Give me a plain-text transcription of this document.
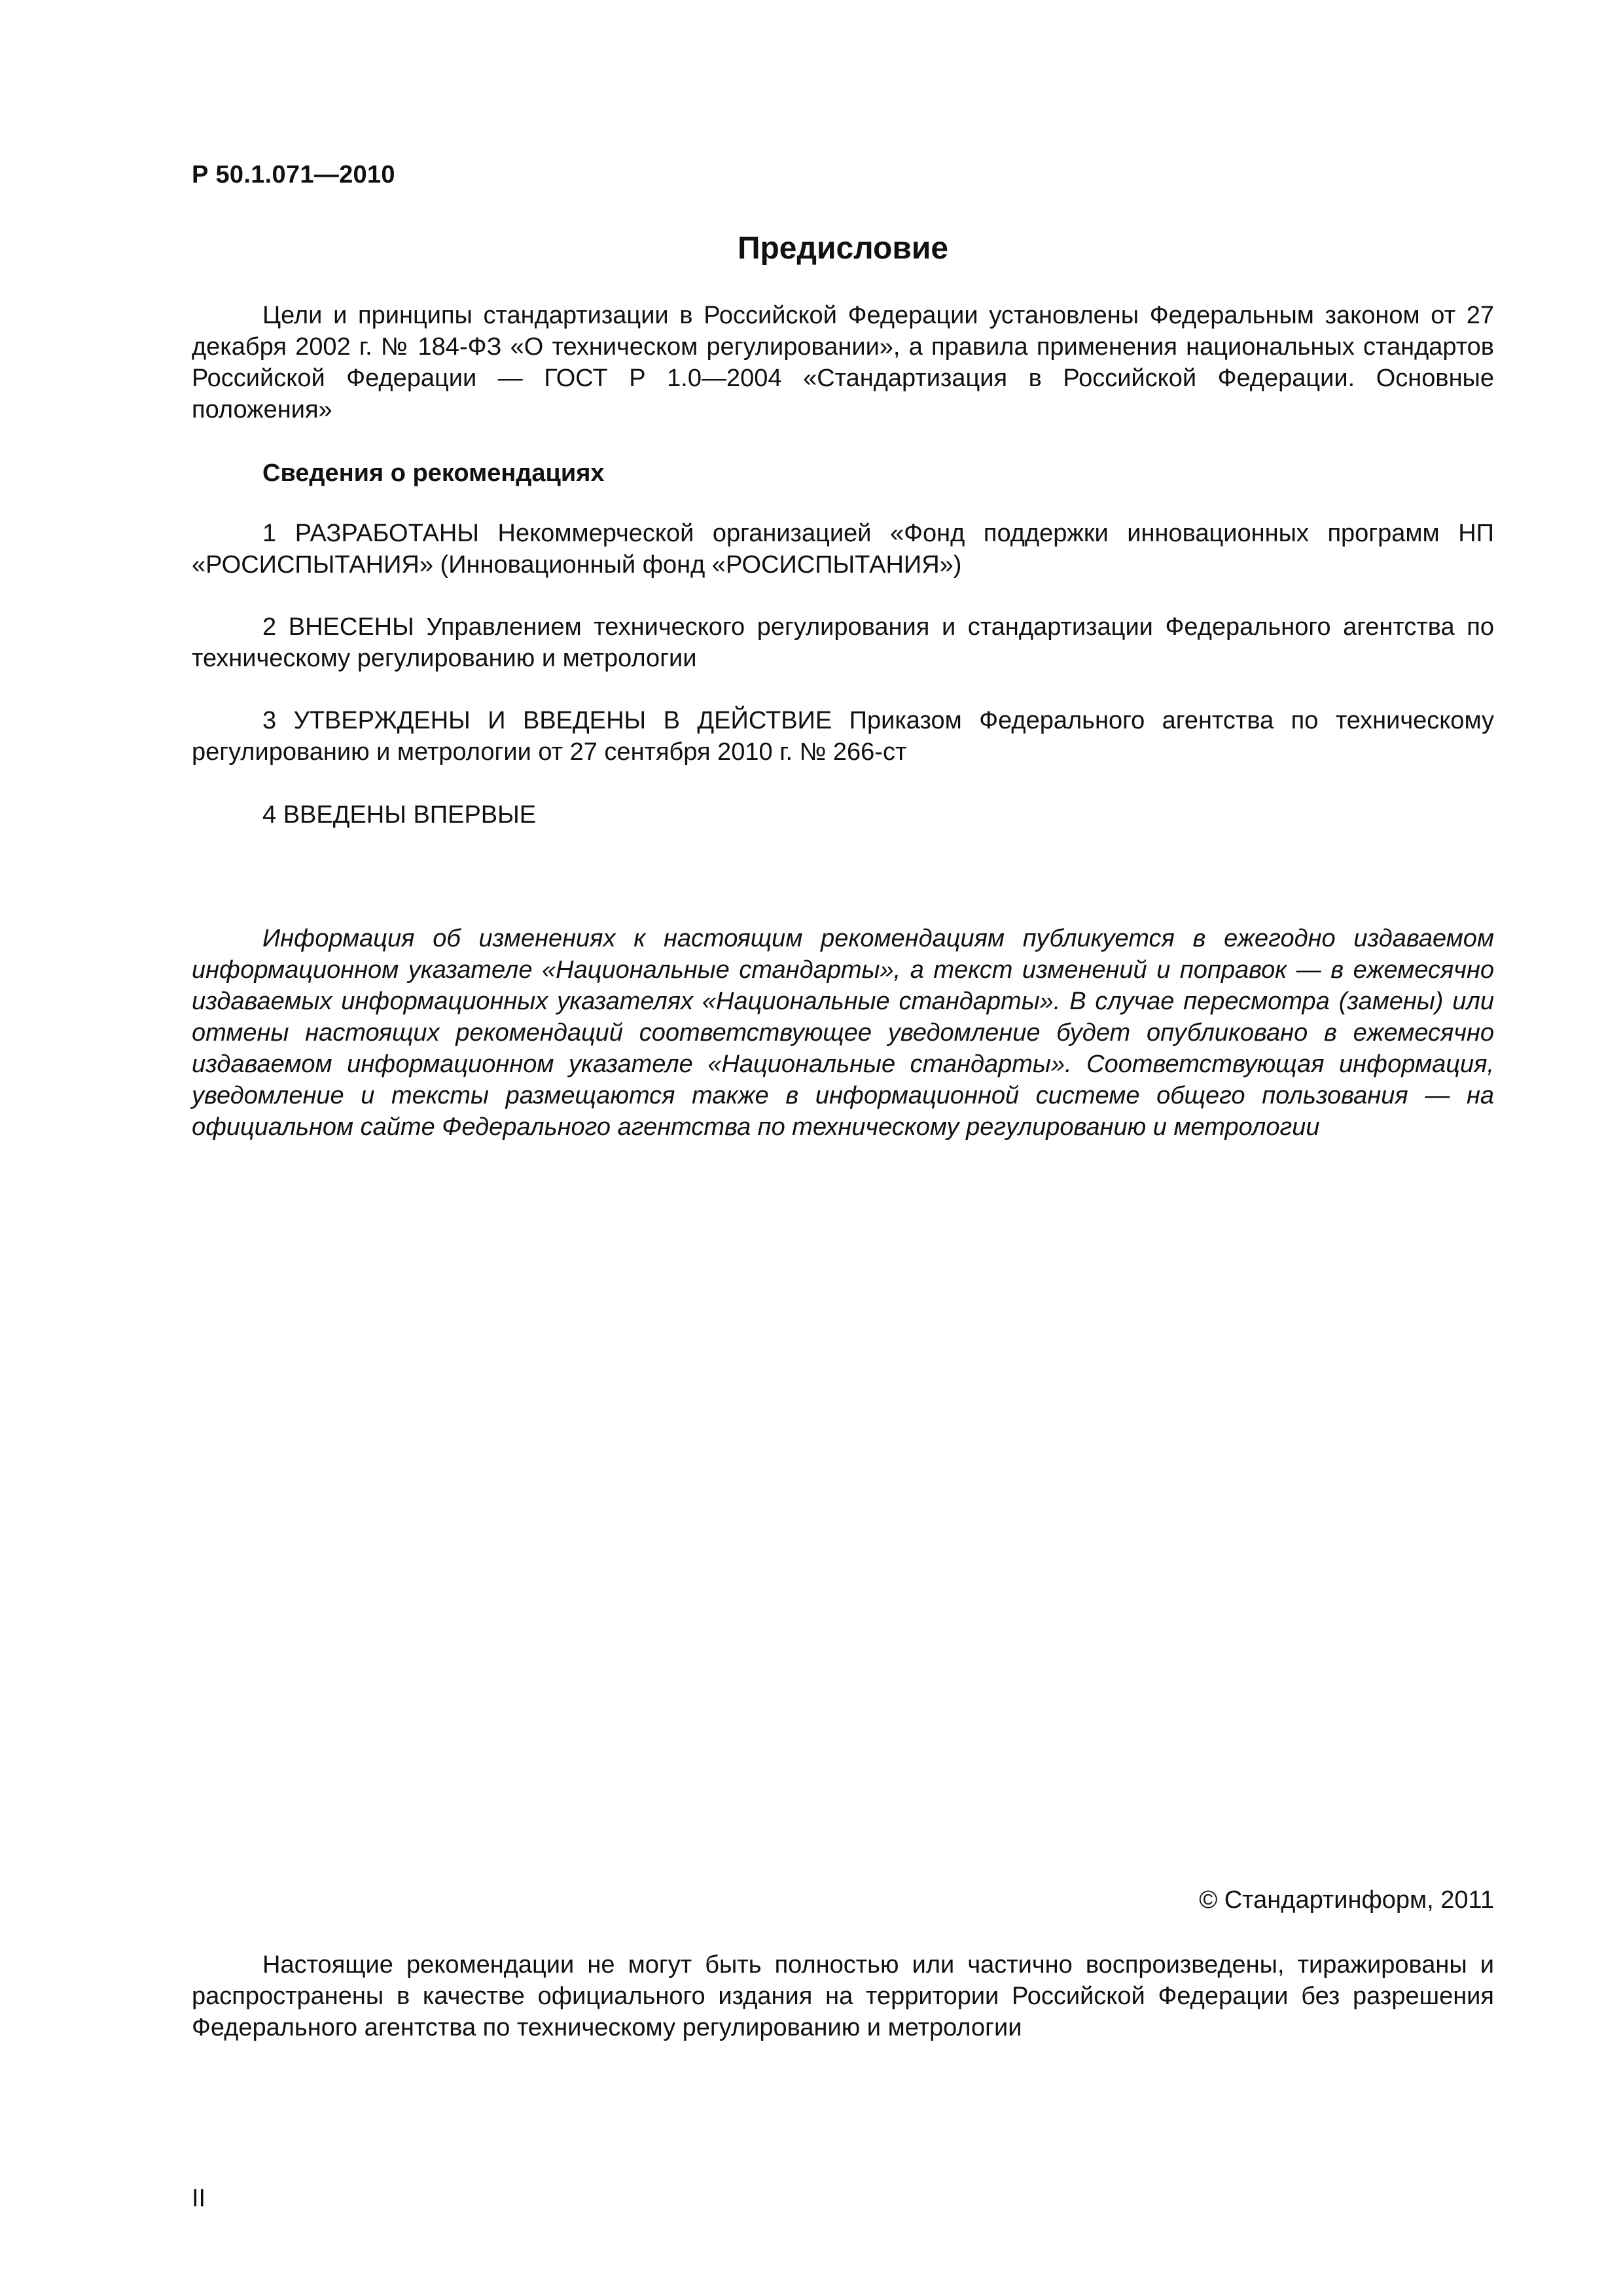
Р 50.1.071—2010
Предисловие

Цели и принципы стандартизации в Российской Федерации установлены Федеральным законом от 27 декабря 2002 г. № 184-ФЗ «О техническом регулировании», а правила применения национальных стандартов Российской Федерации — ГОСТ Р 1.0—2004 «Стандартизация в Российской Федерации. Основные положения»

Сведения о рекомендациях

1 РАЗРАБОТАНЫ Некоммерческой организацией «Фонд поддержки инновационных программ НП «РОСИСПЫТАНИЯ» (Инновационный фонд «РОСИСПЫТАНИЯ»)

2 ВНЕСЕНЫ Управлением технического регулирования и стандартизации Федерального агентства по техническому регулированию и метрологии

3 УТВЕРЖДЕНЫ И ВВЕДЕНЫ В ДЕЙСТВИЕ Приказом Федерального агентства по техническому регулированию и метрологии от 27 сентября 2010 г. № 266-ст

4 ВВЕДЕНЫ ВПЕРВЫЕ

Информация об изменениях к настоящим рекомендациям публикуется в ежегодно издаваемом информационном указателе «Национальные стандарты», а текст изменений и поправок — в ежемесячно издаваемых информационных указателях «Национальные стандарты». В случае пересмотра (замены) или отмены настоящих рекомендаций соответствующее уведомление будет опубликовано в ежемесячно издаваемом информационном указателе «Национальные стандарты». Соответствующая информация, уведомление и тексты размещаются также в информационной системе общего пользования — на официальном сайте Федерального агентства по техническому регулированию и метрологии

© Стандартинформ, 2011

Настоящие рекомендации не могут быть полностью или частично воспроизведены, тиражированы и распространены в качестве официального издания на территории Российской Федерации без разрешения Федерального агентства по техническому регулированию и метрологии

II
